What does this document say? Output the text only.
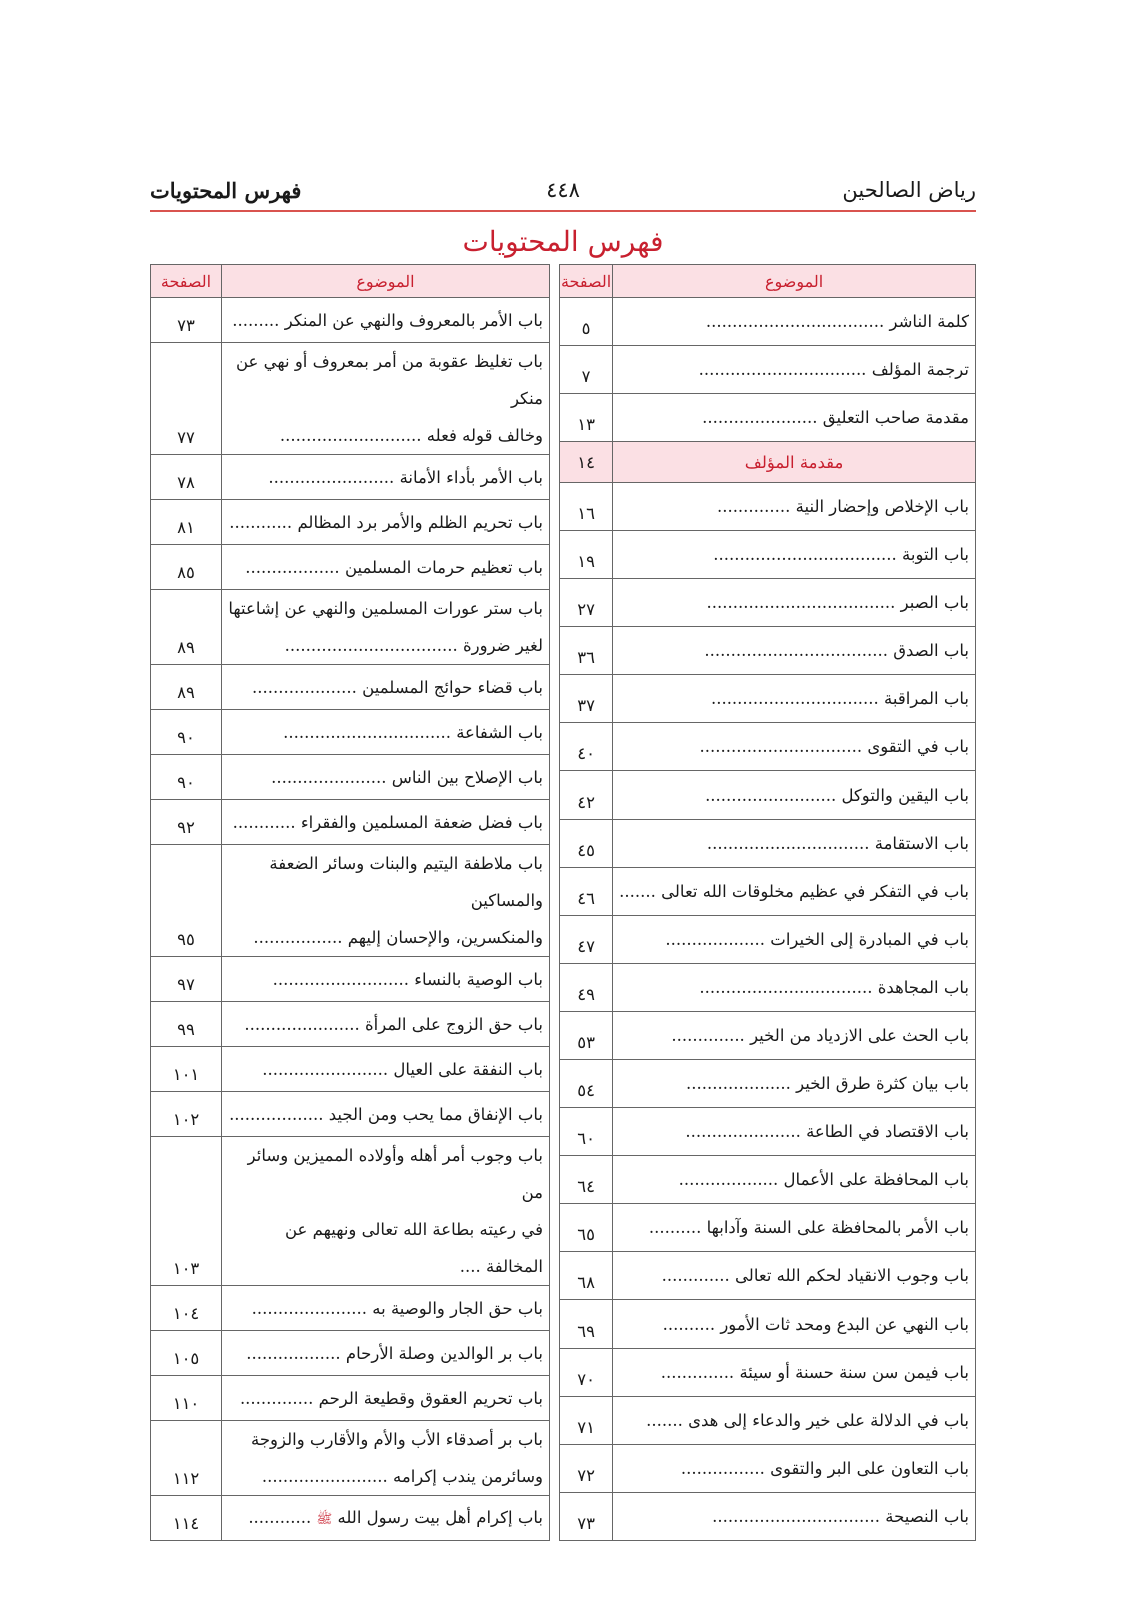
رياض الصالحين
٤٤٨
فهرس المحتويات
فهرس المحتويات
الموضوع	الصفحة
كلمة الناشر ..................................	٥
ترجمة المؤلف ................................	٧
مقدمة صاحب التعليق ......................	١٣
مقدمة المؤلف	١٤
باب الإخلاص وإحضار النية ..............	١٦
باب التوبة ...................................	١٩
باب الصبر ....................................	٢٧
باب الصدق ...................................	٣٦
باب المراقبة ................................	٣٧
باب في التقوى ...............................	٤٠
باب اليقين والتوكل .........................	٤٢
باب الاستقامة ...............................	٤٥
باب في التفكر في عظيم مخلوقات الله تعالى .......	٤٦
باب في المبادرة إلى الخيرات ...................	٤٧
باب المجاهدة .................................	٤٩
باب الحث على الازدياد من الخير ..............	٥٣
باب بيان كثرة طرق الخير ....................	٥٤
باب الاقتصاد في الطاعة ......................	٦٠
باب المحافظة على الأعمال ...................	٦٤
باب الأمر بالمحافظة على السنة وآدابها ..........	٦٥
باب وجوب الانقياد لحكم الله تعالى .............	٦٨
باب النهي عن البدع ومحد ثات الأمور ..........	٦٩
باب فيمن سن سنة حسنة أو سيئة ..............	٧٠
باب في الدلالة على خير والدعاء إلى هدى .......	٧١
باب التعاون على البر والتقوى ................	٧٢
باب النصيحة ................................	٧٣
الموضوع	الصفحة
باب الأمر بالمعروف والنهي عن المنكر .........	٧٣
باب تغليظ عقوبة من أمر بمعروف أو نهي عن منكر
وخالف قوله فعله ...........................	٧٧
باب الأمر بأداء الأمانة ........................	٧٨
باب تحريم الظلم والأمر برد المظالم ............	٨١
باب تعظيم حرمات المسلمين ..................	٨٥
باب ستر عورات المسلمين والنهي عن إشاعتها
لغير ضرورة .................................	٨٩
باب قضاء حوائج المسلمين ....................	٨٩
باب الشفاعة ................................	٩٠
باب الإصلاح بين الناس ......................	٩٠
باب فضل ضعفة المسلمين والفقراء ............	٩٢
باب ملاطفة اليتيم والبنات وسائر الضعفة والمساكين
والمنكسرين، والإحسان إليهم .................	٩٥
باب الوصية بالنساء ..........................	٩٧
باب حق الزوج على المرأة ......................	٩٩
باب النفقة على العيال ........................	١٠١
باب الإنفاق مما يحب ومن الجيد ..................	١٠٢
باب وجوب أمر أهله وأولاده المميزين وسائر من
في رعيته بطاعة الله تعالى ونهيهم عن المخالفة ....	١٠٣
باب حق الجار والوصية به ......................	١٠٤
باب بر الوالدين وصلة الأرحام ..................	١٠٥
باب تحريم العقوق وقطيعة الرحم ..............	١١٠
باب بر أصدقاء الأب والأم والأقارب والزوجة
وسائرمن يندب إكرامه ........................	١١٢
باب إكرام أهل بيت رسول الله ﷺ ............	١١٤
